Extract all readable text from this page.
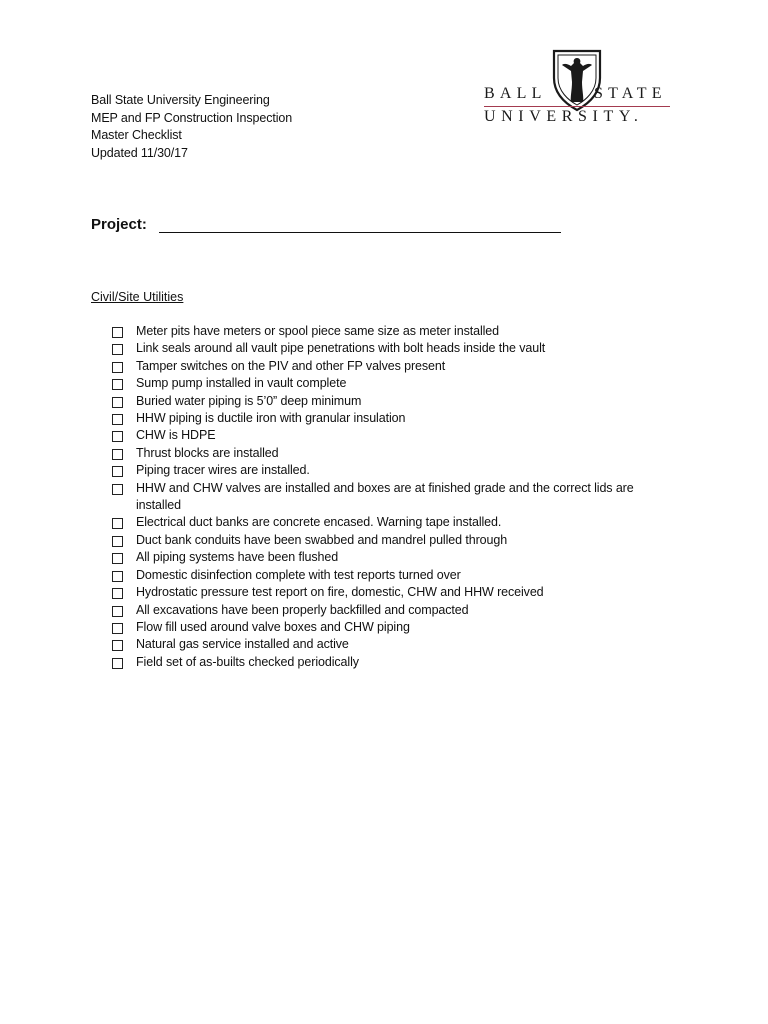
Ball State University Engineering
MEP and FP Construction Inspection
Master Checklist
Updated 11/30/17
BALL	STATE
UNIVERSITY.
Project:
Civil/Site Utilities
Meter pits have meters or spool piece same size as meter installed
Link seals around all vault pipe penetrations with bolt heads inside the vault
Tamper switches on the PIV and other FP valves present
Sump pump installed in vault complete
Buried water piping is 5’0” deep minimum
HHW piping is ductile iron with granular insulation
CHW is HDPE
Thrust blocks are installed
Piping tracer wires are installed.
HHW and CHW valves are installed and boxes are at finished grade and the correct lids are installed
Electrical duct banks are concrete encased. Warning tape installed.
Duct bank conduits have been swabbed and mandrel pulled through
All piping systems have been flushed
Domestic disinfection complete with test reports turned over
Hydrostatic pressure test report on fire, domestic, CHW and HHW received
All excavations have been properly backfilled and compacted
Flow fill used around valve boxes and CHW piping
Natural gas service installed and active
Field set of as-builts checked periodically
